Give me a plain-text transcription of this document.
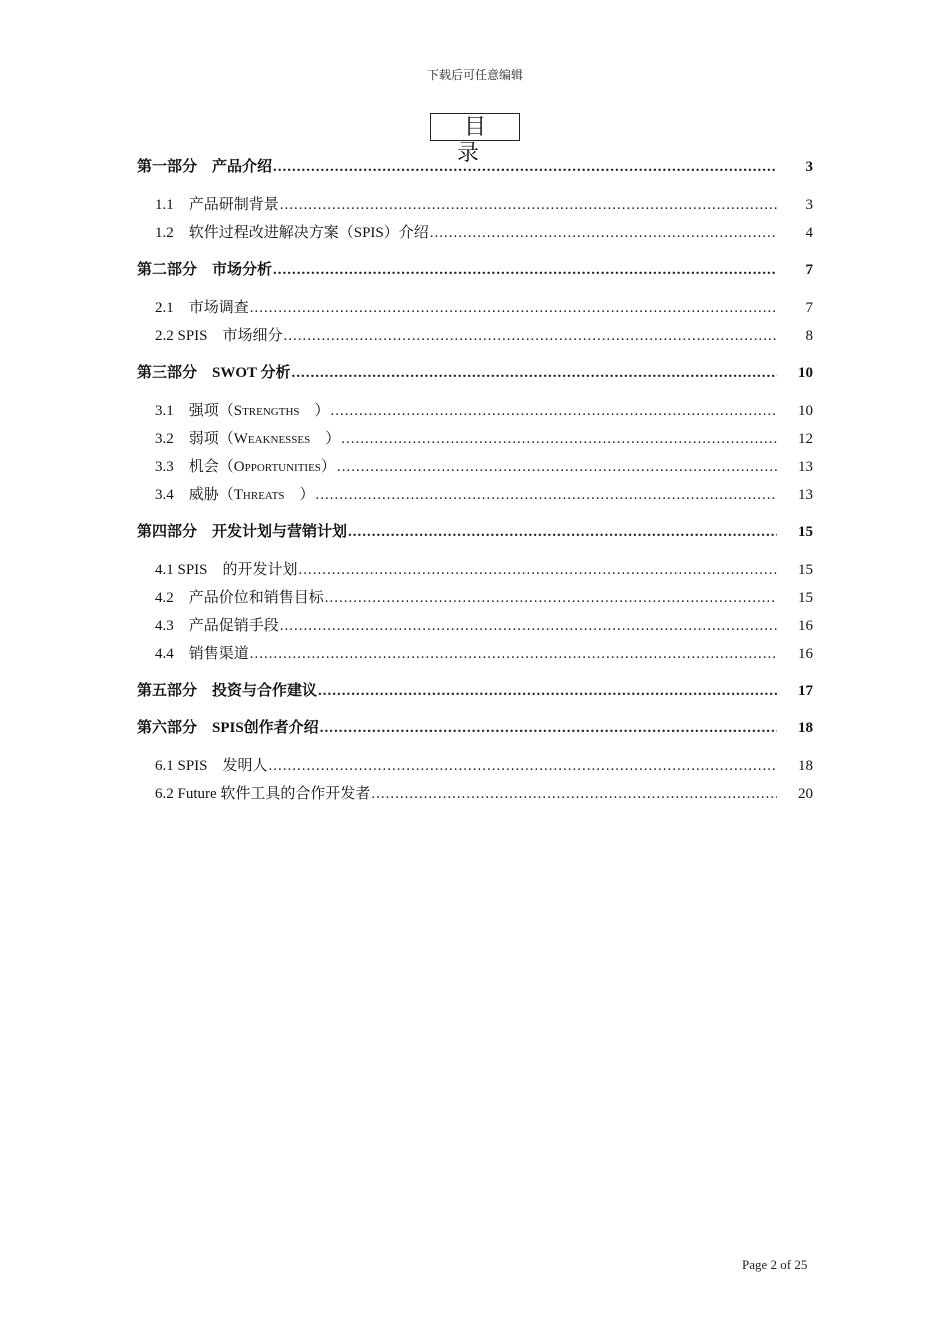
下载后可任意编辑
目 录
第一部分　产品介绍 .....	3
1.1　产品研制背景 .....	3
1.2　软件过程改进解决方案（SPIS）介绍 .....	4
第二部分　市场分析 .....	7
2.1　市场调查 .....	7
2.2 SPIS　市场细分 .....	8
第三部分　SWOT 分析 .....	10
3.1　强项（Strengths　） .....	10
3.2　弱项（Weaknesses　） .....	12
3.3　机会（Opportunities） .....	13
3.4　威胁（Threats　） .....	13
第四部分　开发计划与营销计划 .....	15
4.1 SPIS　的开发计划 .....	15
4.2　产品价位和销售目标 .....	15
4.3　产品促销手段 .....	16
4.4　销售渠道 .....	16
第五部分　投资与合作建议 .....	17
第六部分　SPIS创作者介绍 .....	18
6.1 SPIS　发明人 .....	18
6.2 Future 软件工具的合作开发者 .....	20
Page 2 of 25
